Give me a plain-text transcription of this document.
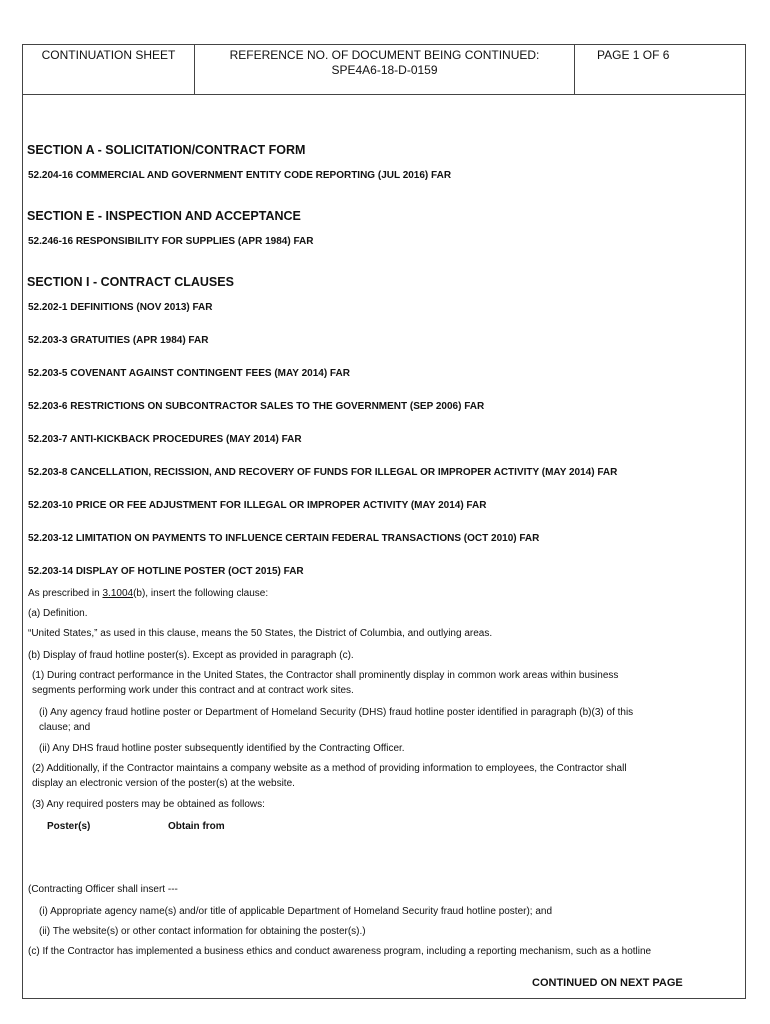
CONTINUATION SHEET	REFERENCE NO. OF DOCUMENT BEING CONTINUED:
SPE4A6-18-D-0159
PAGE 1 OF 6
SECTION A - SOLICITATION/CONTRACT FORM
52.204-16 COMMERCIAL AND GOVERNMENT ENTITY CODE REPORTING (JUL 2016) FAR
SECTION E - INSPECTION AND ACCEPTANCE
52.246-16 RESPONSIBILITY FOR SUPPLIES (APR 1984) FAR
SECTION I - CONTRACT CLAUSES
52.202-1 DEFINITIONS (NOV 2013) FAR
52.203-3 GRATUITIES (APR 1984) FAR
52.203-5 COVENANT AGAINST CONTINGENT FEES (MAY 2014) FAR
52.203-6 RESTRICTIONS ON SUBCONTRACTOR SALES TO THE GOVERNMENT (SEP 2006) FAR
52.203-7 ANTI-KICKBACK PROCEDURES (MAY 2014) FAR
52.203-8 CANCELLATION, RECISSION, AND RECOVERY OF FUNDS FOR ILLEGAL OR IMPROPER ACTIVITY (MAY 2014) FAR
52.203-10 PRICE OR FEE ADJUSTMENT FOR ILLEGAL OR IMPROPER ACTIVITY (MAY 2014) FAR
52.203-12 LIMITATION ON PAYMENTS TO INFLUENCE CERTAIN FEDERAL TRANSACTIONS (OCT 2010) FAR
52.203-14 DISPLAY OF HOTLINE POSTER (OCT 2015) FAR
As prescribed in 3.1004(b), insert the following clause:
(a) Definition.
“United States,” as used in this clause, means the 50 States, the District of Columbia, and outlying areas.
(b) Display of fraud hotline poster(s). Except as provided in paragraph (c).
(1) During contract performance in the United States, the Contractor shall prominently display in common work areas within business
segments performing work under this contract and at contract work sites.
(i) Any agency fraud hotline poster or Department of Homeland Security (DHS) fraud hotline poster identified in paragraph (b)(3) of this
clause; and
(ii) Any DHS fraud hotline poster subsequently identified by the Contracting Officer.
(2) Additionally, if the Contractor maintains a company website as a method of providing information to employees, the Contractor shall
display an electronic version of the poster(s) at the website.
(3) Any required posters may be obtained as follows:
Poster(s)	Obtain from
(Contracting Officer shall insert ---
(i) Appropriate agency name(s) and/or title of applicable Department of Homeland Security fraud hotline poster); and
(ii) The website(s) or other contact information for obtaining the poster(s).)
(c) If the Contractor has implemented a business ethics and conduct awareness program, including a reporting mechanism, such as a hotline
CONTINUED ON NEXT PAGE
